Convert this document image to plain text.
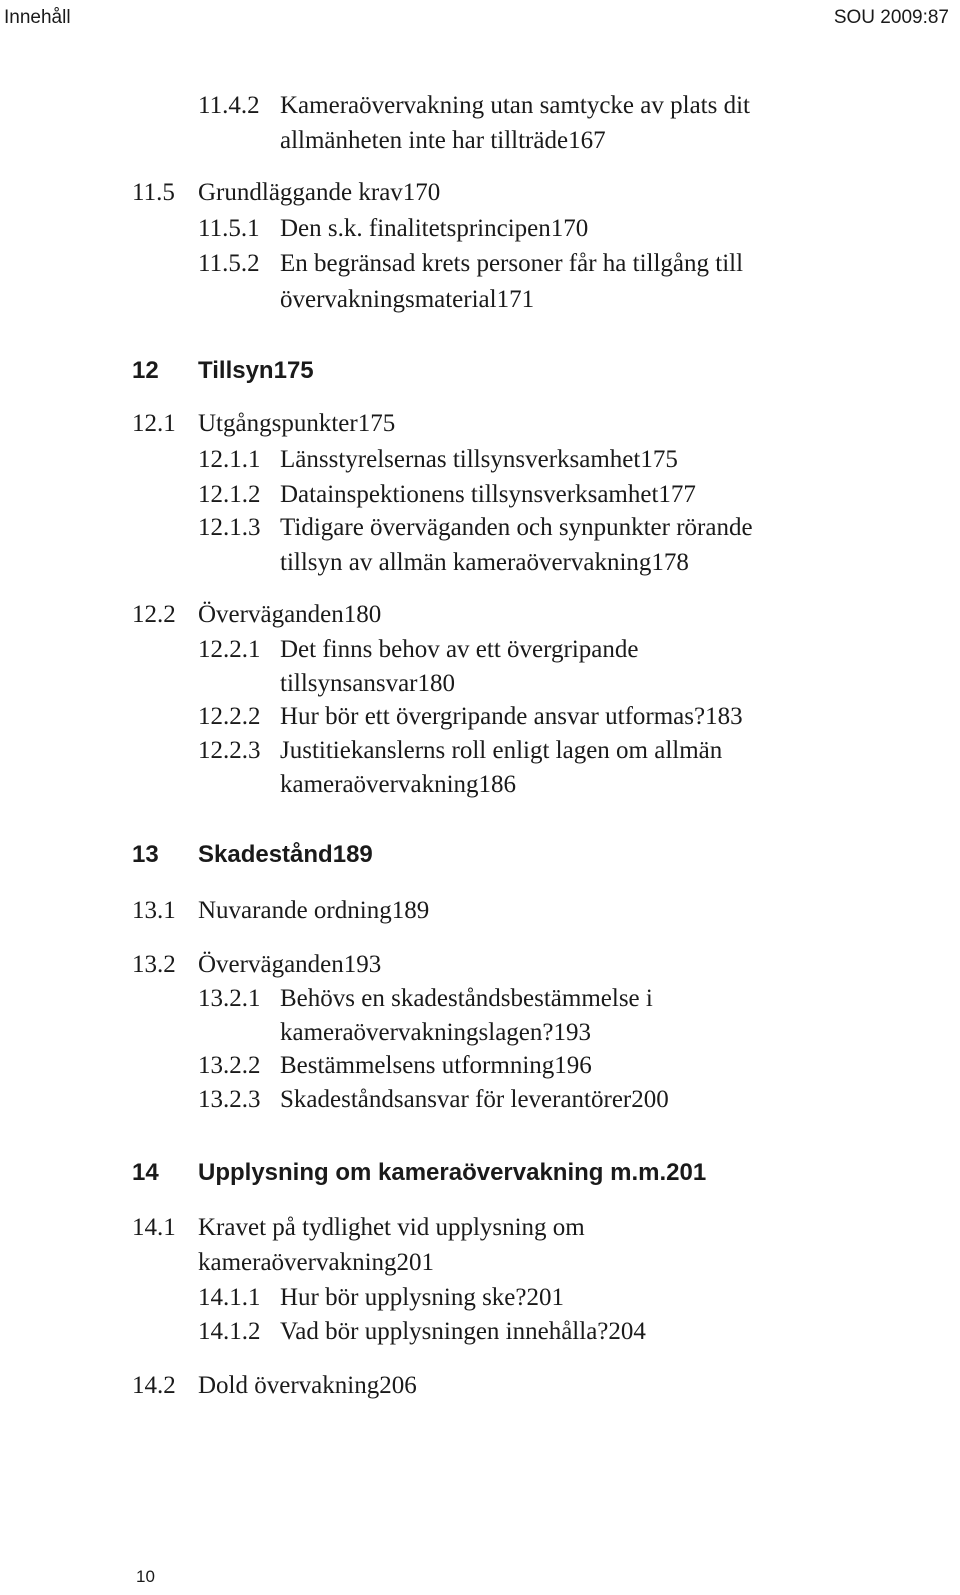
Innehåll	SOU 2009:87
11.4.2 Kameraövervakning utan samtycke av plats dit
allmänheten inte har tillträde 167
11.5 Grundläggande krav 170
11.5.1 Den s.k. finalitetsprincipen 170
11.5.2 En begränsad krets personer får ha tillgång till
övervakningsmaterial 171
12 Tillsyn 175
12.1 Utgångspunkter 175
12.1.1 Länsstyrelsernas tillsynsverksamhet 175
12.1.2 Datainspektionens tillsynsverksamhet 177
12.1.3 Tidigare överväganden och synpunkter rörande
tillsyn av allmän kameraövervakning 178
12.2 Överväganden 180
12.2.1 Det finns behov av ett övergripande
tillsynsansvar 180
12.2.2 Hur bör ett övergripande ansvar utformas? 183
12.2.3 Justitiekanslerns roll enligt lagen om allmän
kameraövervakning 186
13 Skadestånd 189
13.1 Nuvarande ordning 189
13.2 Överväganden 193
13.2.1 Behövs en skadeståndsbestämmelse i
kameraövervakningslagen? 193
13.2.2 Bestämmelsens utformning 196
13.2.3 Skadeståndsansvar för leverantörer 200
14 Upplysning om kameraövervakning m.m. 201
14.1 Kravet på tydlighet vid upplysning om
kameraövervakning 201
14.1.1 Hur bör upplysning ske? 201
14.1.2 Vad bör upplysningen innehålla? 204
14.2 Dold övervakning 206
10
